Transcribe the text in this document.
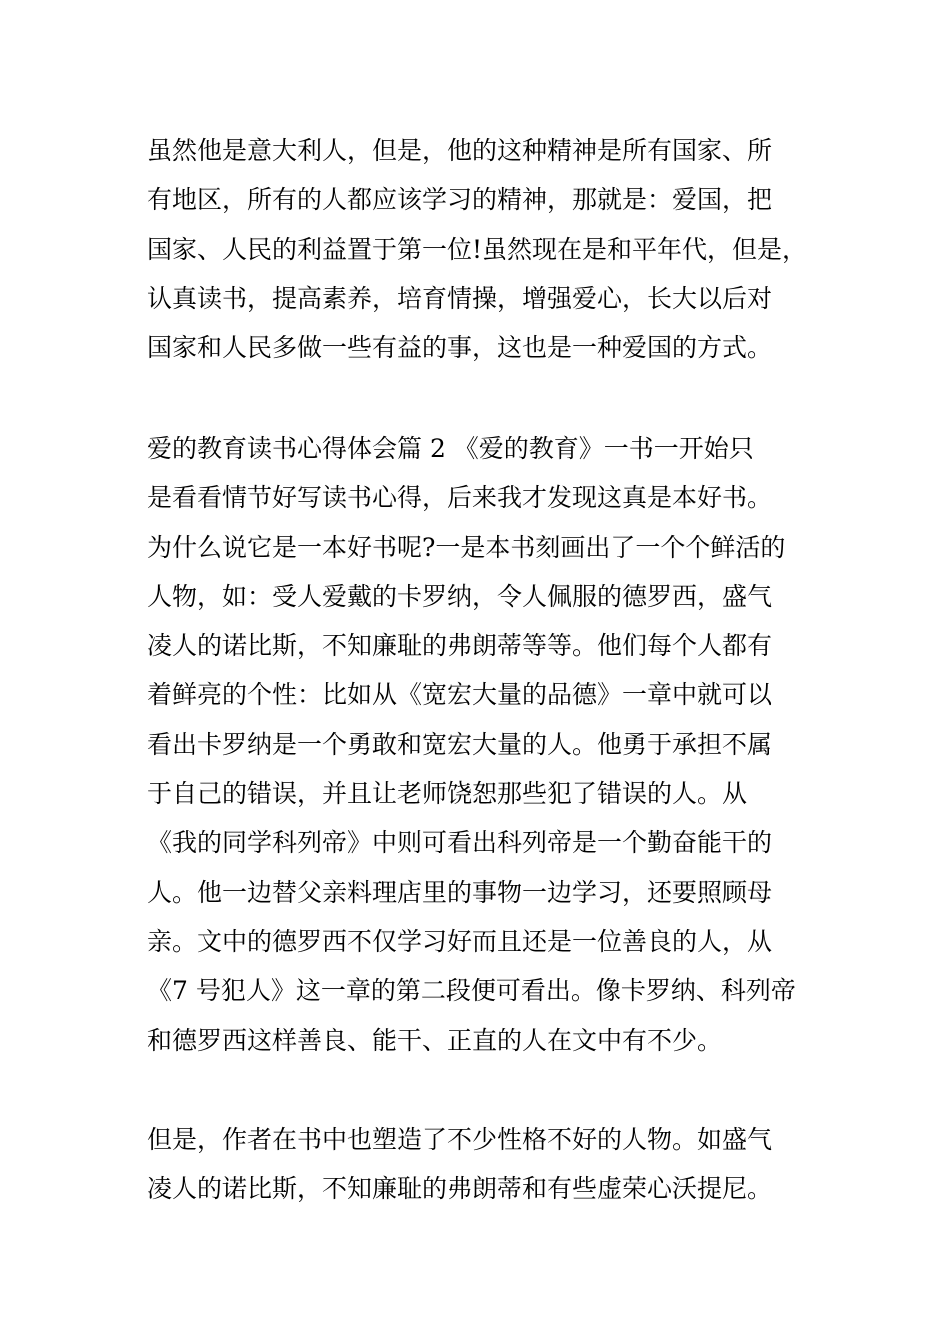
虽然他是意大利人，但是，他的这种精神是所有国家、所
有地区，所有的人都应该学习的精神，那就是：爱国，把
国家、人民的利益置于第一位!虽然现在是和平年代，但是，
认真读书，提高素养，培育情操，增强爱心，长大以后对
国家和人民多做一些有益的事，这也是一种爱国的方式。

爱的教育读书心得体会篇 2 《爱的教育》一书一开始只
是看看情节好写读书心得，后来我才发现这真是本好书。
为什么说它是一本好书呢?一是本书刻画出了一个个鲜活的
人物，如：受人爱戴的卡罗纳，令人佩服的德罗西，盛气
凌人的诺比斯，不知廉耻的弗朗蒂等等。他们每个人都有
着鲜亮的个性：比如从《宽宏大量的品德》一章中就可以
看出卡罗纳是一个勇敢和宽宏大量的人。他勇于承担不属
于自己的错误，并且让老师饶恕那些犯了错误的人。从
《我的同学科列帝》中则可看出科列帝是一个勤奋能干的
人。他一边替父亲料理店里的事物一边学习，还要照顾母
亲。文中的德罗西不仅学习好而且还是一位善良的人，从
《7 号犯人》这一章的第二段便可看出。像卡罗纳、科列帝
和德罗西这样善良、能干、正直的人在文中有不少。

但是，作者在书中也塑造了不少性格不好的人物。如盛气
凌人的诺比斯，不知廉耻的弗朗蒂和有些虚荣心沃提尼。
